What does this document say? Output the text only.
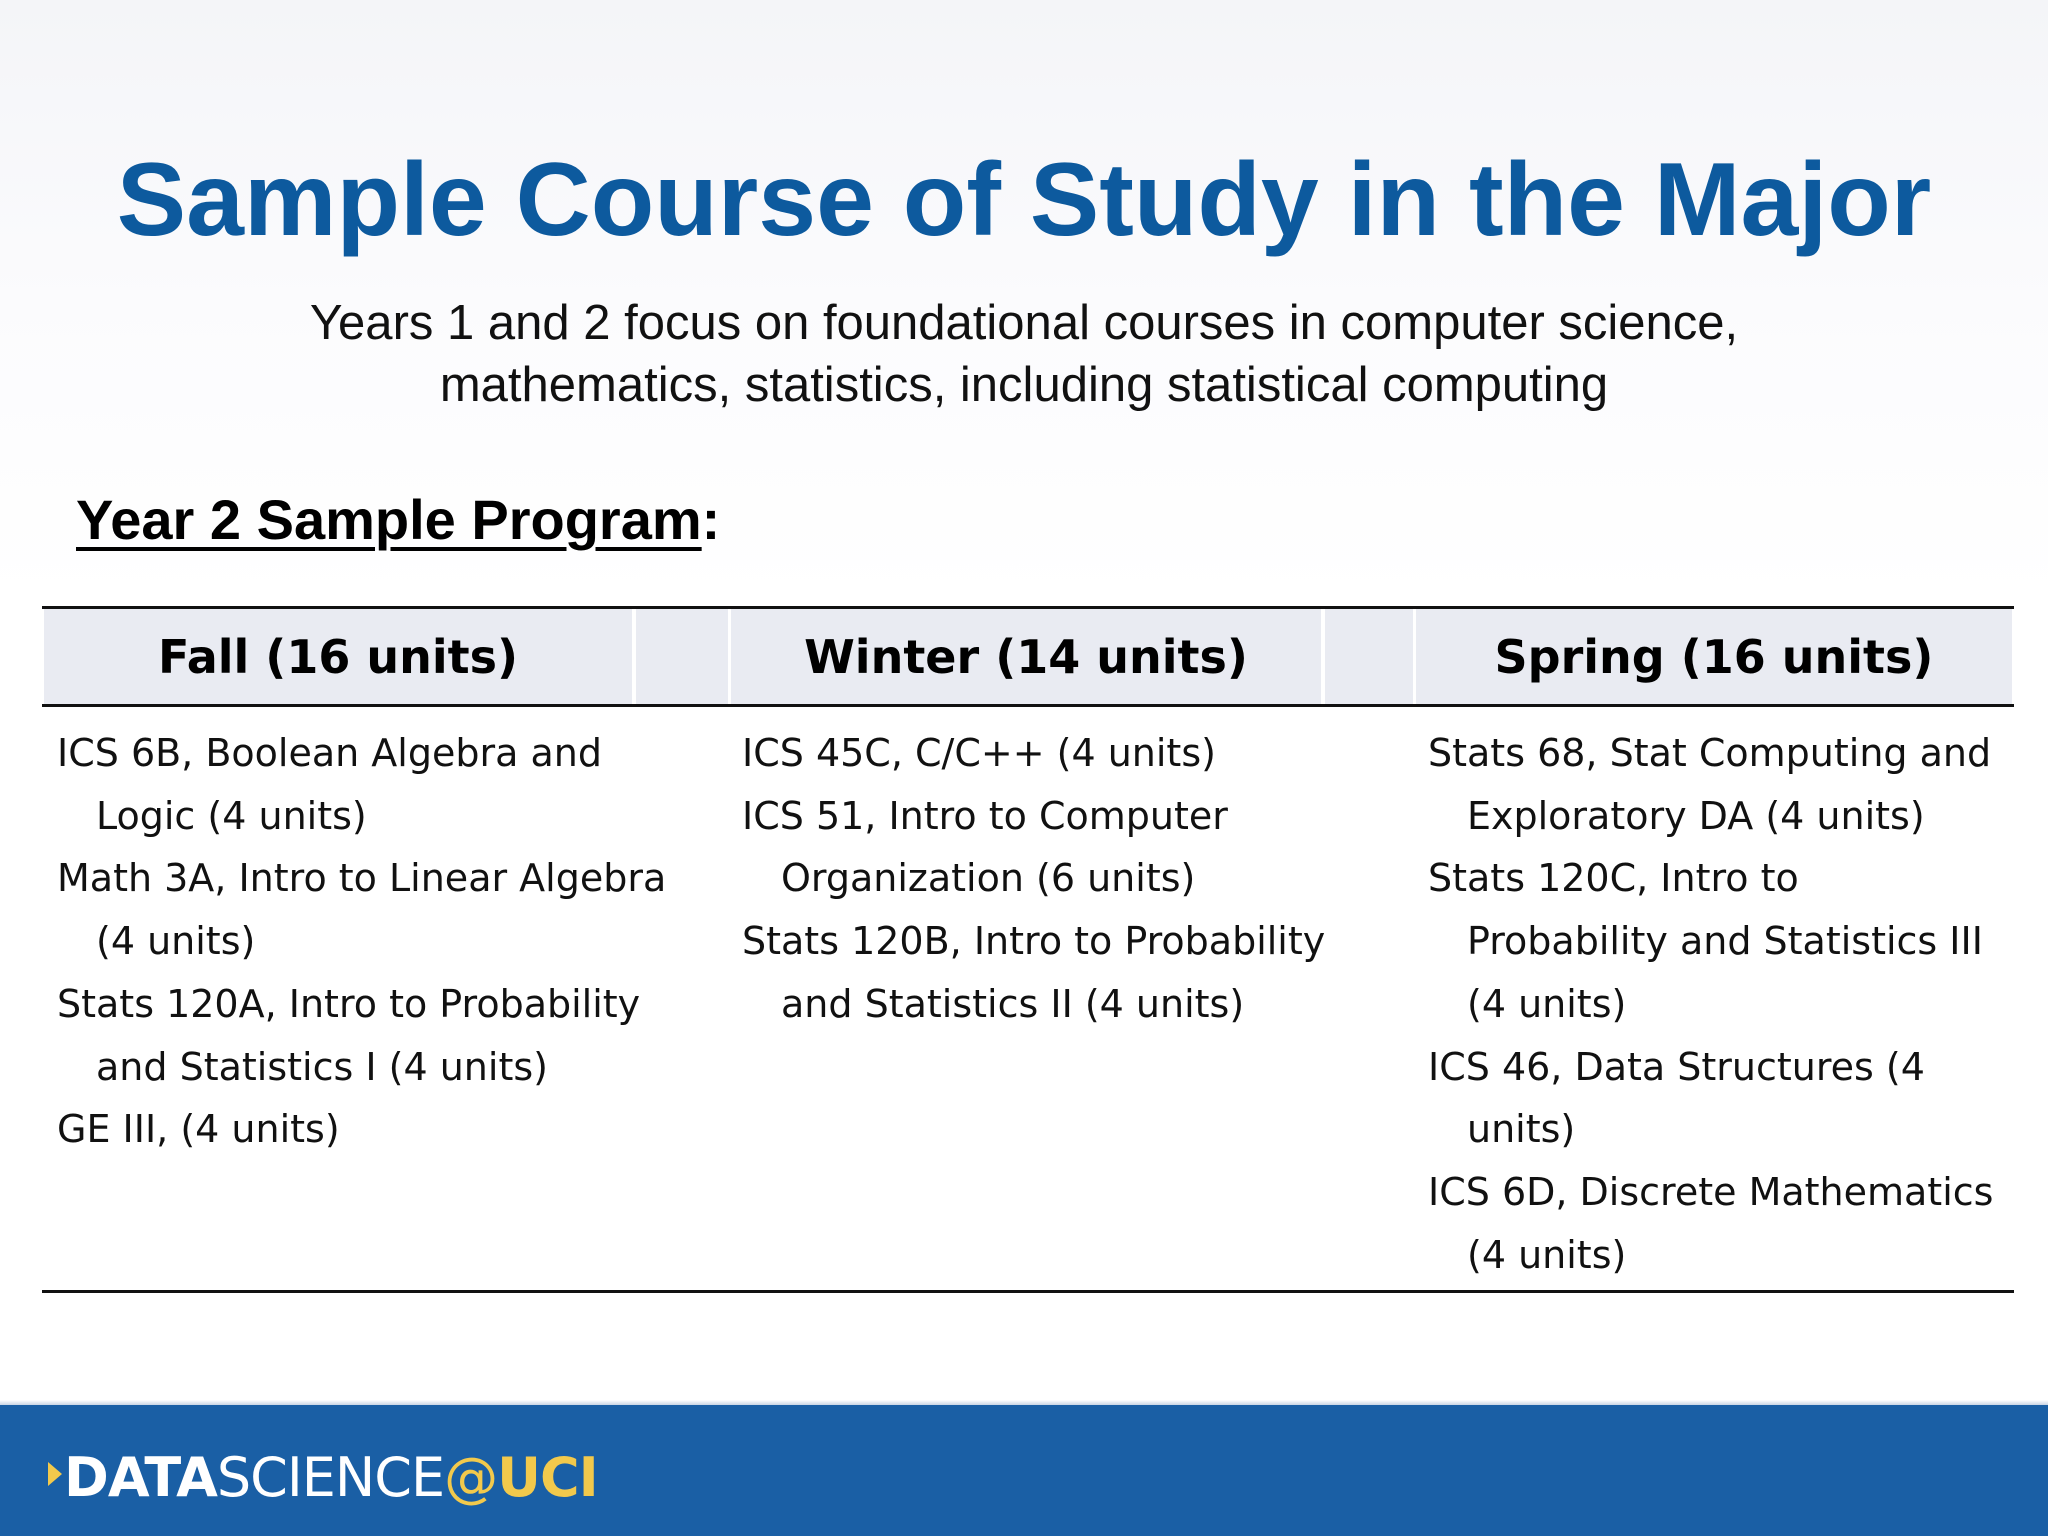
Sample Course of Study in the Major
Years 1 and 2 focus on foundational courses in computer science,
mathematics, statistics, including statistical computing
Year 2 Sample Program:
Fall (16 units)	Winter (14 units)	Spring (16 units)

ICS 6B, Boolean Algebra and Logic (4 units)

Math 3A, Intro to Linear Algebra (4 units)

Stats 120A, Intro to Probability and Statistics I (4 units)

GE III, (4 units)

ICS 45C, C/C++ (4 units)

ICS 51, Intro to Computer Organization (6 units)

Stats 120B, Intro to Probability and Statistics II (4 units)

Stats 68, Stat Computing and Exploratory DA (4 units)

Stats 120C, Intro to Probability and Statistics III (4 units)

ICS 46, Data Structures (4 units)

ICS 6D, Discrete Mathematics (4 units)

DATA SCIENCE @ UCI
